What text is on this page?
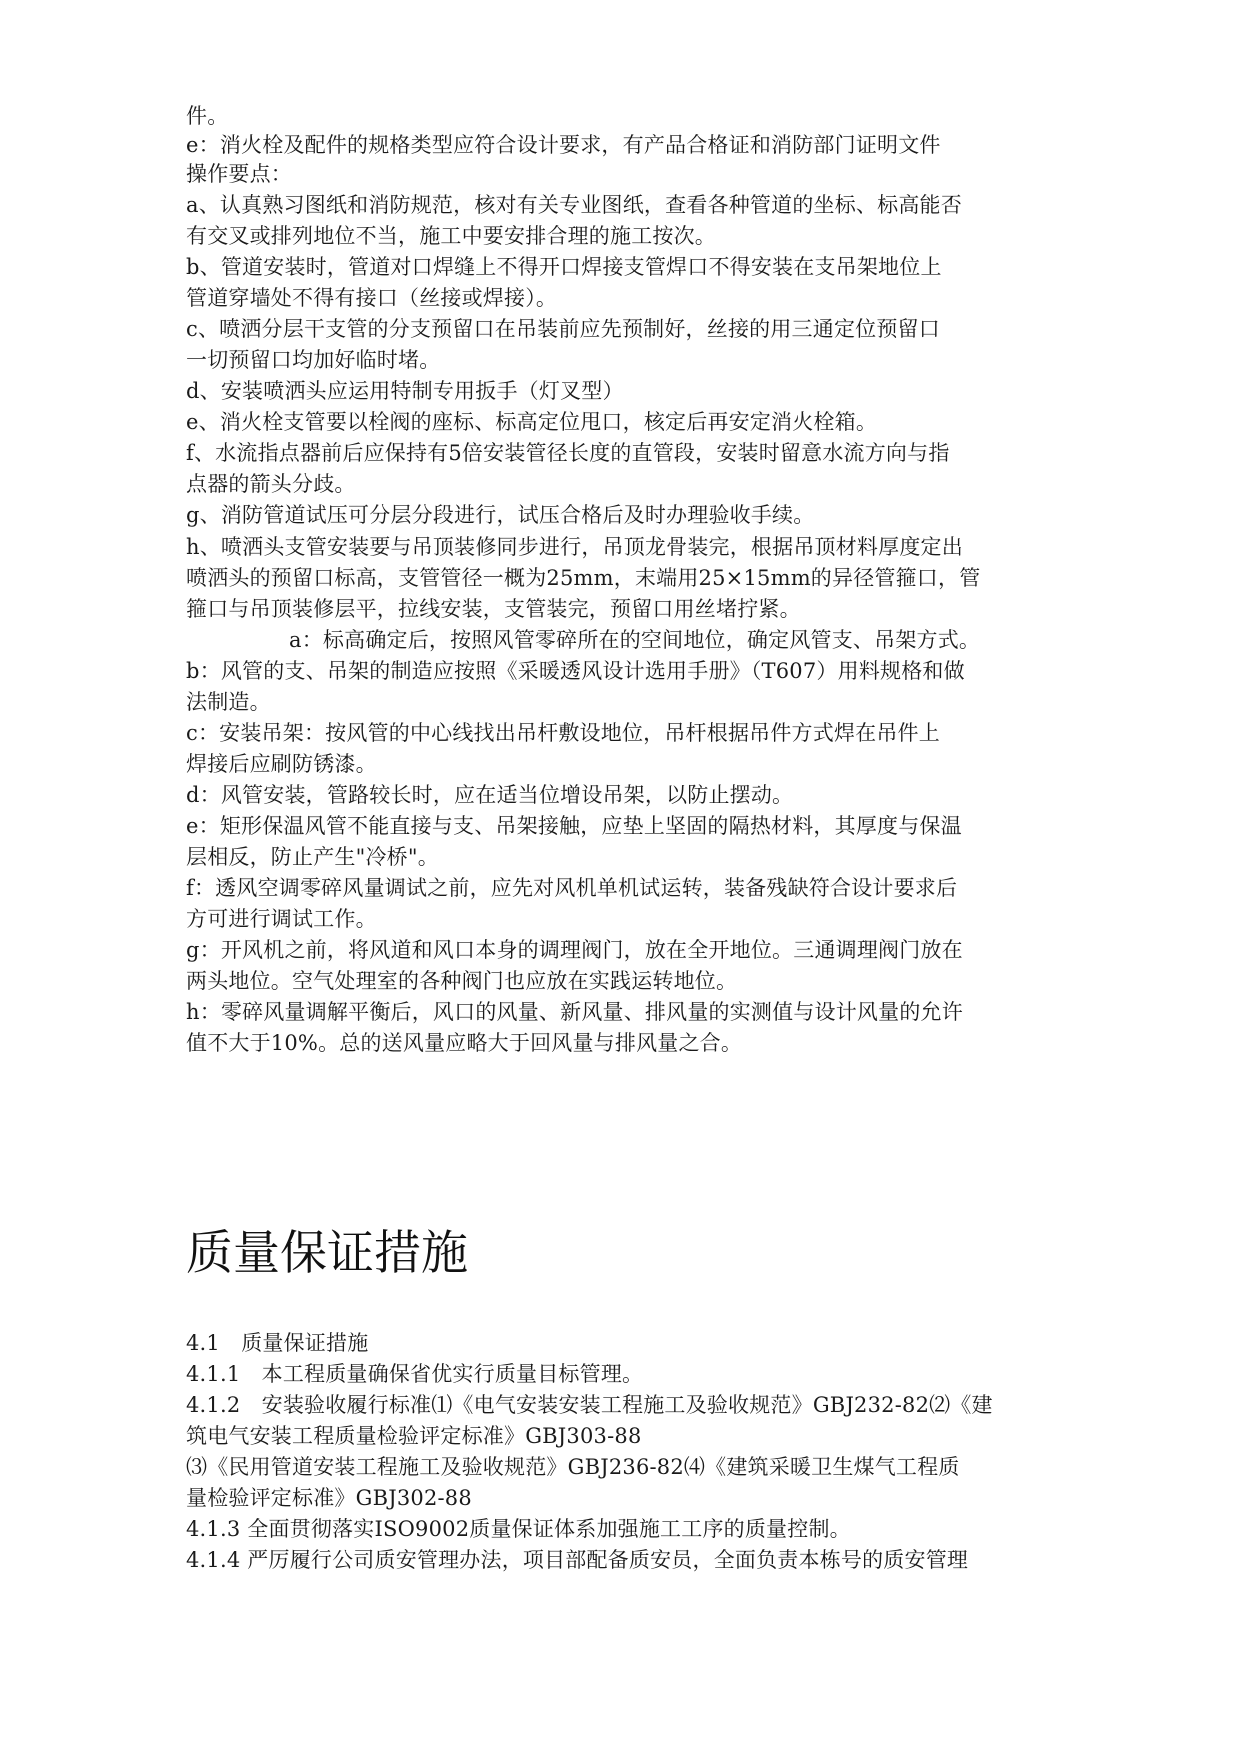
件。
e：消火栓及配件的规格类型应符合设计要求，有产品合格证和消防部门证明文件
操作要点：
a、认真熟习图纸和消防规范，核对有关专业图纸，查看各种管道的坐标、标高能否
有交叉或排列地位不当，施工中要安排合理的施工按次。
b、管道安装时，管道对口焊缝上不得开口焊接支管焊口不得安装在支吊架地位上
管道穿墙处不得有接口（丝接或焊接）。
c、喷洒分层干支管的分支预留口在吊装前应先预制好，丝接的用三通定位预留口
一切预留口均加好临时堵。
d、安装喷洒头应运用特制专用扳手（灯叉型）
e、消火栓支管要以栓阀的座标、标高定位甩口，核定后再安定消火栓箱。
f、水流指点器前后应保持有5倍安装管径长度的直管段，安装时留意水流方向与指
点器的箭头分歧。
g、消防管道试压可分层分段进行，试压合格后及时办理验收手续。
h、喷洒头支管安装要与吊顶装修同步进行，吊顶龙骨装完，根据吊顶材料厚度定出
喷洒头的预留口标高，支管管径一概为25mm，末端用25×15mm的异径管箍口，管
箍口与吊顶装修层平，拉线安装，支管装完，预留口用丝堵拧紧。
a：标高确定后，按照风管零碎所在的空间地位，确定风管支、吊架方式。
b：风管的支、吊架的制造应按照《采暖透风设计选用手册》（T607）用料规格和做
法制造。
c：安装吊架：按风管的中心线找出吊杆敷设地位，吊杆根据吊件方式焊在吊件上
焊接后应刷防锈漆。
d：风管安装，管路较长时，应在适当位增设吊架，以防止摆动。
e：矩形保温风管不能直接与支、吊架接触，应垫上坚固的隔热材料，其厚度与保温
层相反，防止产生"冷桥"。
f：透风空调零碎风量调试之前，应先对风机单机试运转，装备残缺符合设计要求后
方可进行调试工作。
g：开风机之前，将风道和风口本身的调理阀门，放在全开地位。三通调理阀门放在
两头地位。空气处理室的各种阀门也应放在实践运转地位。
h：零碎风量调解平衡后，风口的风量、新风量、排风量的实测值与设计风量的允许
值不大于10%。总的送风量应略大于回风量与排风量之合。
质量保证措施
4.1　质量保证措施
4.1.1　本工程质量确保省优实行质量目标管理。
4.1.2　安装验收履行标准⑴《电气安装安装工程施工及验收规范》GBJ232-82⑵《建
筑电气安装工程质量检验评定标准》GBJ303-88
⑶《民用管道安装工程施工及验收规范》GBJ236-82⑷《建筑采暖卫生煤气工程质
量检验评定标准》GBJ302-88
4.1.3 全面贯彻落实ISO9002质量保证体系加强施工工序的质量控制。
4.1.4 严厉履行公司质安管理办法，项目部配备质安员，全面负责本栋号的质安管理
